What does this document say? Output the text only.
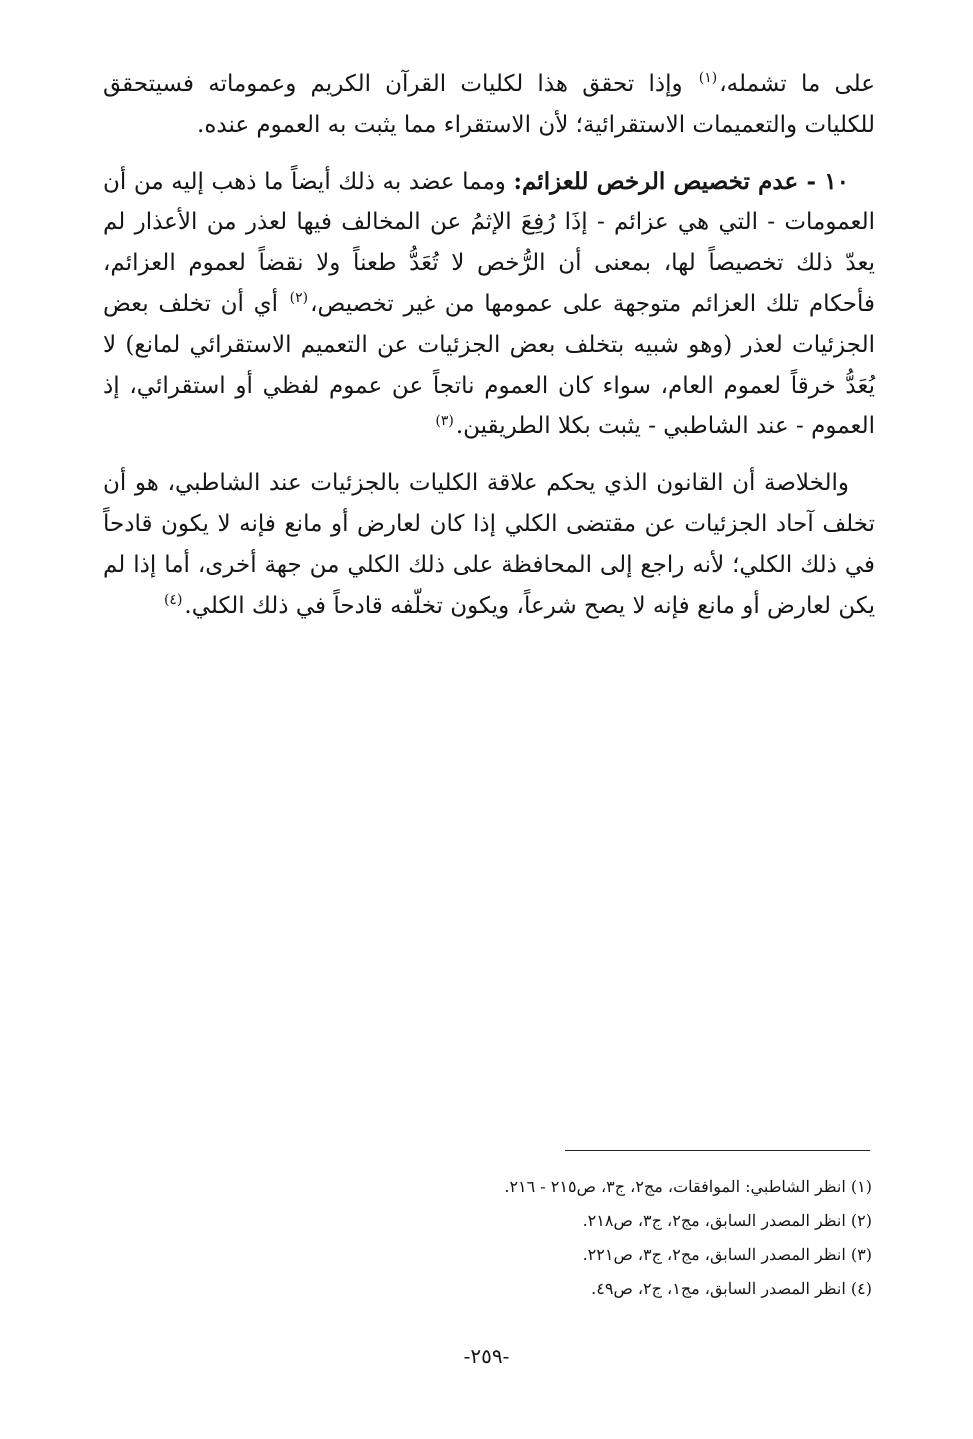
على ما تشمله،$^{(١)}$ وإذا تحقق هذا لكليات القرآن الكريم وعموماته فسيتحقق للكليات والتعميمات الاستقرائية؛ لأن الاستقراء مما يثبت به العموم عنده.

١٠ - عدم تخصيص الرخص للعزائم: ومما عضد به ذلك أيضاً ما ذهب إليه من أن العمومات - التي هي عزائم - إذَا رُفِعَ الإثمُ عن المخالف فيها لعذر من الأعذار لم يعدّ ذلك تخصيصاً لها، بمعنى أن الرُّخص لا تُعَدُّ طعناً ولا نقضاً لعموم العزائم، فأحكام تلك العزائم متوجهة على عمومها من غير تخصيص،$^{(٢)}$ أي أن تخلف بعض الجزئيات لعذر (وهو شبيه بتخلف بعض الجزئيات عن التعميم الاستقرائي لمانع) لا يُعَدُّ خرقاً لعموم العام، سواء كان العموم ناتجاً عن عموم لفظي أو استقرائي، إذ العموم - عند الشاطبي - يثبت بكلا الطريقين.$^{(٣)}$

والخلاصة أن القانون الذي يحكم علاقة الكليات بالجزئيات عند الشاطبي، هو أن تخلف آحاد الجزئيات عن مقتضى الكلي إذا كان لعارض أو مانع فإنه لا يكون قادحاً في ذلك الكلي؛ لأنه راجع إلى المحافظة على ذلك الكلي من جهة أخرى، أما إذا لم يكن لعارض أو مانع فإنه لا يصح شرعاً، ويكون تخلّفه قادحاً في ذلك الكلي.$^{(٤)}$

(١) انظر الشاطبي: الموافقات، مج٢، ج٣، ص٢١٥ - ٢١٦.
(٢) انظر المصدر السابق، مج٢، ج٣، ص٢١٨.
(٣) انظر المصدر السابق، مج٢، ج٣، ص٢٢١.
(٤) انظر المصدر السابق، مج١، ج٢، ص٤٩.
-٢٥٩-
